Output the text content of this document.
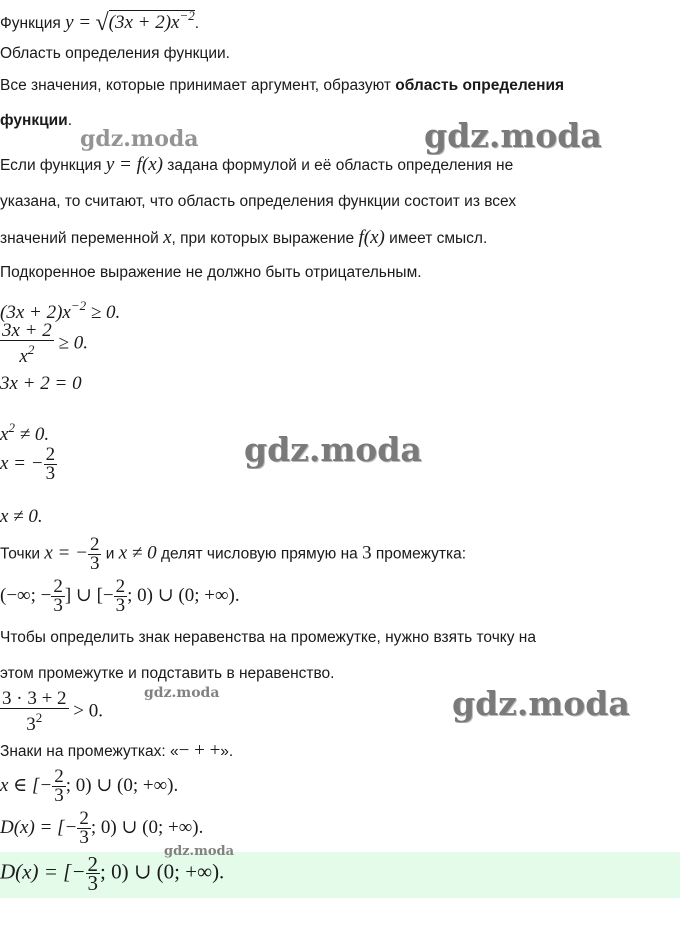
Функция $y = √(3x + 2)x^{-2}$.
Область определения функции.
Все значения, которые принимает аргумент, образуют область определения
функции.
Если функция y = f(x) задана формулой и её область определения не
указана, то считают, что область определения функции состоит из всех
значений переменной x, при которых выражение f(x) имеет смысл.
Подкоренное выражение не должно быть отрицательным.
$(3x + 2)x^{-2} \ge 0$.
$\frac{3x + 2}{x^2} \ge 0$.
3x + 2 = 0
$x^2 \ne 0$.
x = − $\frac{2}{3}$
x ≠ 0.
Точки x = − $\frac{2}{3}$ и x ≠ 0 делят числовую прямую на 3 промежутка:
(−∞; − $\frac{2}{3}$ ] ∪ [− $\frac{2}{3}$ ; 0) ∪ (0; +∞).
Чтобы определить знак неравенства на промежутке, нужно взять точку на
этом промежутке и подставить в неравенство.
$\frac{3 \cdot 3 + 2}{3^2} > 0$.
Знаки на промежутках: «− + +».
x ∈ [− $\frac{2}{3}$ ; 0) ∪ (0; +∞).
D(x) = [− $\frac{2}{3}$ ; 0) ∪ (0; +∞).
D(x) = [− $\frac{2}{3}$ ; 0) ∪ (0; +∞).
gdz.moda	gdz.moda
gdz.moda
gdz.moda	gdz.moda
gdz.moda
